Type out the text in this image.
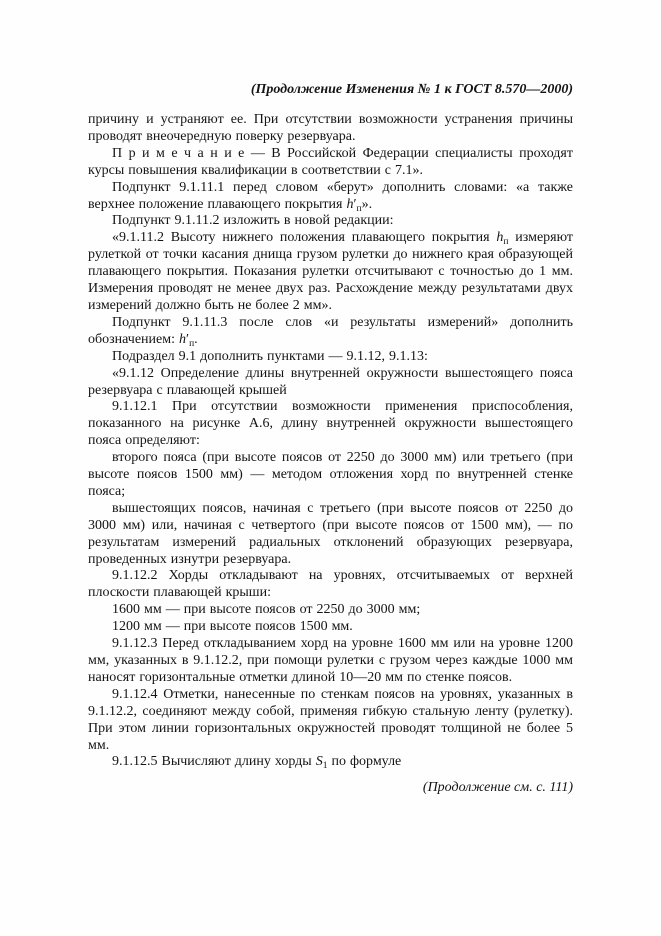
(Продолжение Изменения № 1 к ГОСТ 8.570—2000)

причину и устраняют ее. При отсутствии возможности устранения причины проводят внеочередную поверку резервуара.

П р и м е ч а н и е — В Российской Федерации специалисты проходят курсы повышения квалификации в соответствии с 7.1».

Подпункт 9.1.11.1 перед словом «берут» дополнить словами: «а также верхнее положение плавающего покрытия $h'_п$».

Подпункт 9.1.11.2 изложить в новой редакции:

«9.1.11.2 Высоту нижнего положения плавающего покрытия $h_п$ измеряют рулеткой от точки касания днища грузом рулетки до нижнего края образующей плавающего покрытия. Показания рулетки отсчитывают с точностью до 1 мм. Измерения проводят не менее двух раз. Расхождение между результатами двух измерений должно быть не более 2 мм».

Подпункт 9.1.11.3 после слов «и результаты измерений» дополнить обозначением: $h'_п$.

Подраздел 9.1 дополнить пунктами — 9.1.12, 9.1.13:

«9.1.12 Определение длины внутренней окружности вышестоящего пояса резервуара с плавающей крышей

9.1.12.1 При отсутствии возможности применения приспособления, показанного на рисунке А.6, длину внутренней окружности вышестоящего пояса определяют:

второго пояса (при высоте поясов от 2250 до 3000 мм) или третьего (при высоте поясов 1500 мм) — методом отложения хорд по внутренней стенке пояса;

вышестоящих поясов, начиная с третьего (при высоте поясов от 2250 до 3000 мм) или, начиная с четвертого (при высоте поясов от 1500 мм), — по результатам измерений радиальных отклонений образующих резервуара, проведенных изнутри резервуара.

9.1.12.2 Хорды откладывают на уровнях, отсчитываемых от верхней плоскости плавающей крыши:

1600 мм — при высоте поясов от 2250 до 3000 мм;

1200 мм — при высоте поясов 1500 мм.

9.1.12.3 Перед откладыванием хорд на уровне 1600 мм или на уровне 1200 мм, указанных в 9.1.12.2, при помощи рулетки с грузом через каждые 1000 мм наносят горизонтальные отметки длиной 10—20 мм по стенке поясов.

9.1.12.4 Отметки, нанесенные по стенкам поясов на уровнях, указанных в 9.1.12.2, соединяют между собой, применяя гибкую стальную ленту (рулетку). При этом линии горизонтальных окружностей проводят толщиной не более 5 мм.

9.1.12.5 Вычисляют длину хорды $S_1$ по формуле

(Продолжение см. с. 111)
